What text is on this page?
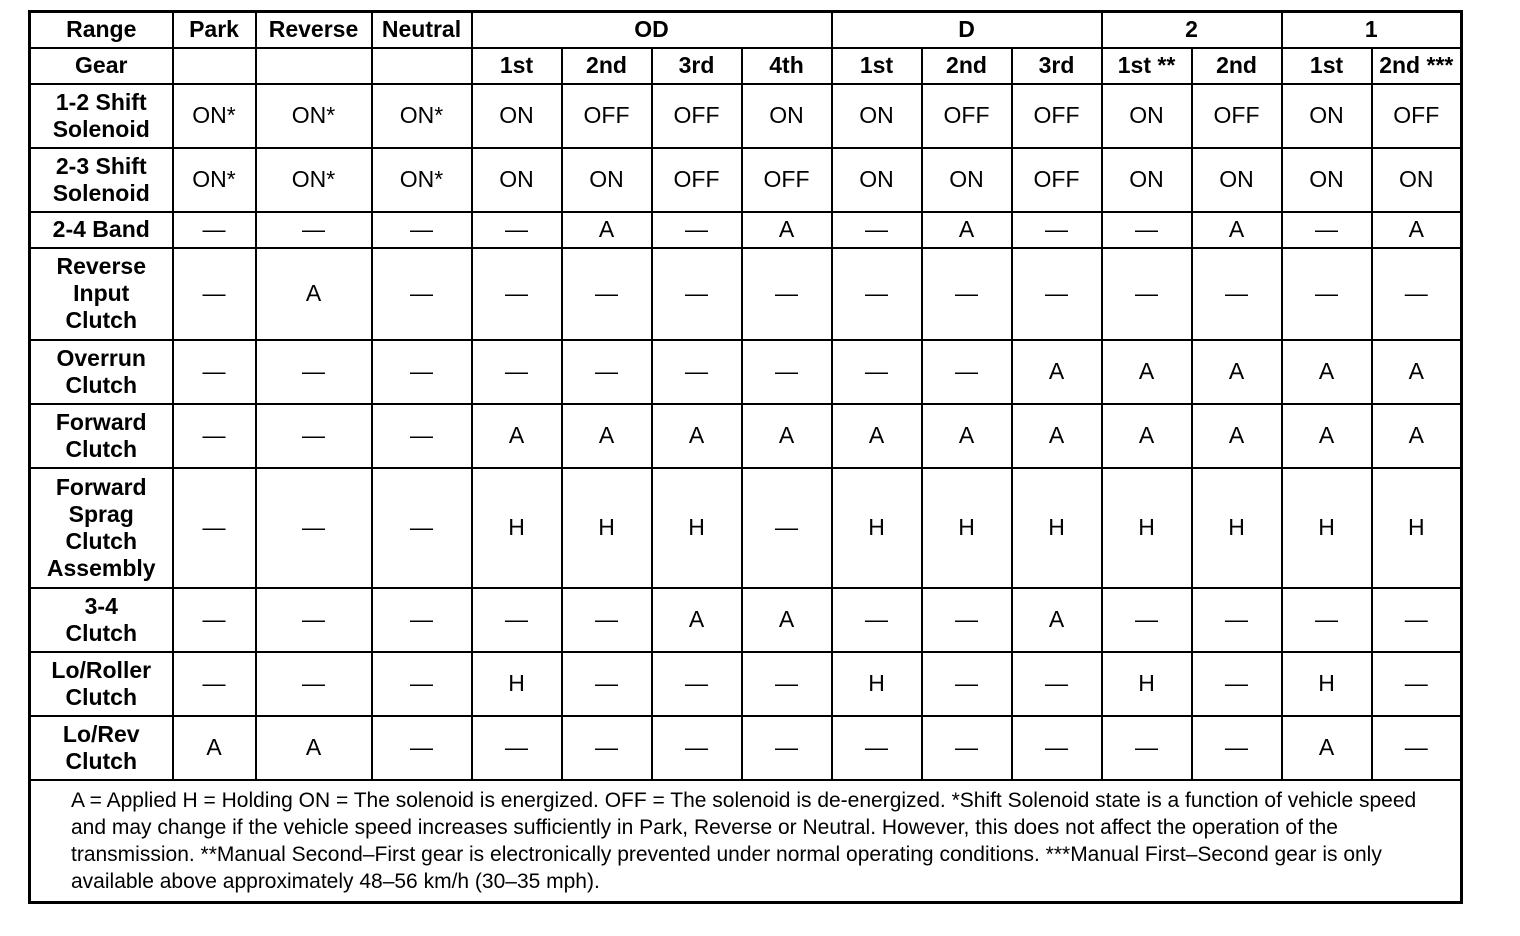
Range	Park	Reverse	Neutral	OD				D			2		1	
Gear				1st	2nd	3rd	4th	1st	2nd	3rd	1st **	2nd	1st	2nd ***

1-2 Shift
Solenoid	ON*	ON*	ON*	ON	OFF	OFF	ON	ON	OFF	OFF	ON	OFF	ON	OFF

2-3 Shift
Solenoid	ON*	ON*	ON*	ON	ON	OFF	OFF	ON	ON	OFF	ON	ON	ON	ON

2-4 Band	—	—	—	—	A	—	A	—	A	—	—	A	—	A

Reverse
Input
Clutch	—	A	—	—	—	—	—	—	—	—	—	—	—	—

Overrun
Clutch	—	—	—	—	—	—	—	—	—	A	A	A	A	A

Forward
Clutch	—	—	—	A	A	A	A	A	A	A	A	A	A	A

Forward
Sprag
Clutch
Assembly	—	—	—	H	H	H	—	H	H	H	H	H	H	H

3-4
Clutch	—	—	—	—	—	A	A	—	—	A	—	—	—	—

Lo/Roller
Clutch	—	—	—	H	—	—	—	H	—	—	H	—	H	—

Lo/Rev
Clutch	A	A	—	—	—	—	—	—	—	—	—	—	A	—
A = Applied H = Holding ON = The solenoid is energized. OFF = The solenoid is de-energized. *Shift Solenoid state is a function of vehicle speed and may change if the vehicle speed increases sufficiently in Park, Reverse or Neutral. However, this does not affect the operation of the transmission. **Manual Second–First gear is electronically prevented under normal operating conditions. ***Manual First–Second gear is only available above approximately 48–56 km/h (30–35 mph).														
